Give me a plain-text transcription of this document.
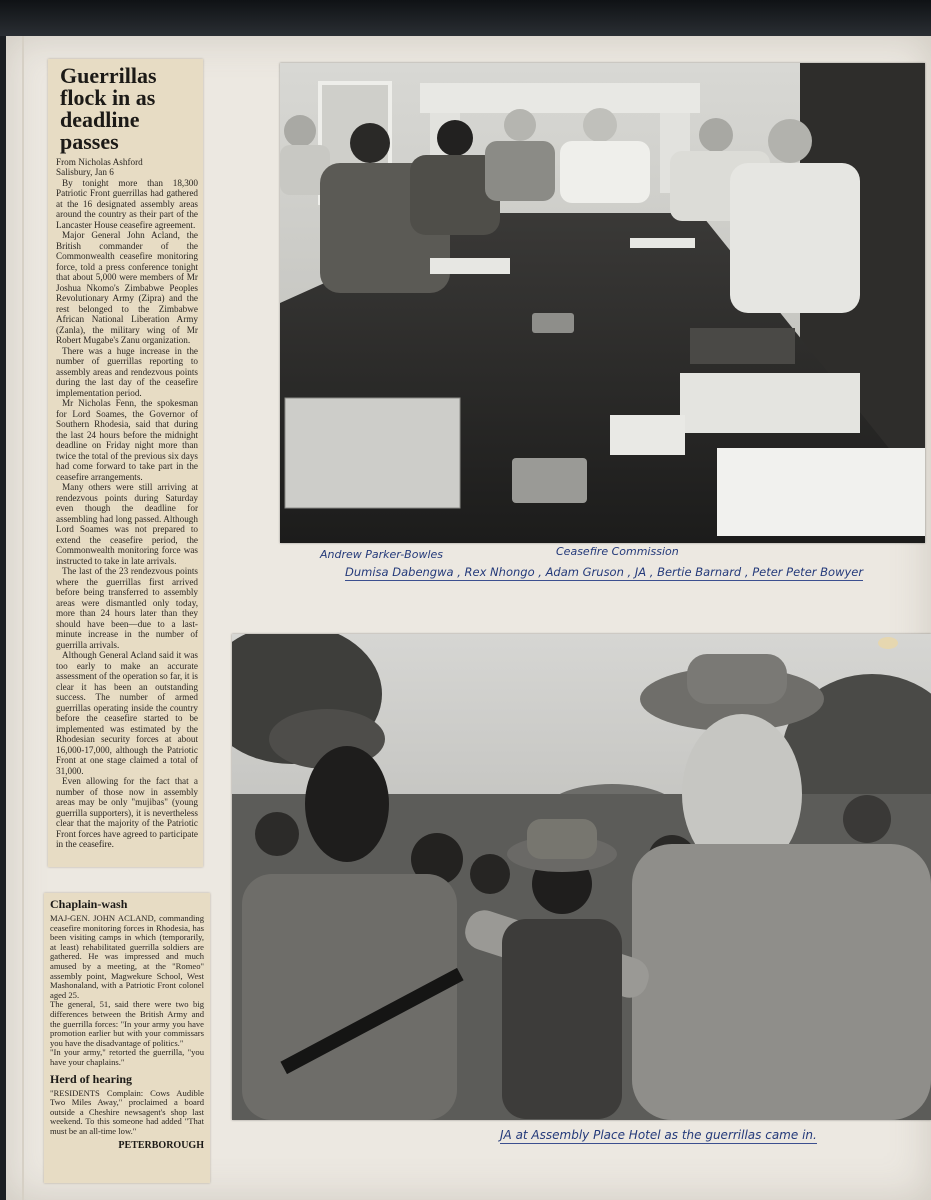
Guerrillas flock in as deadline passes
From Nicholas Ashford
Salisbury, Jan 6

By tonight more than 18,300 Patriotic Front guerrillas had gathered at the 16 designated assembly areas around the country as their part of the Lancaster House ceasefire agreement.

Major General John Acland, the British commander of the Commonwealth ceasefire monitoring force, told a press conference tonight that about 5,000 were members of Mr Joshua Nkomo's Zimbabwe Peoples Revolutionary Army (Zipra) and the rest belonged to the Zimbabwe African National Liberation Army (Zanla), the military wing of Mr Robert Mugabe's Zanu organization.

There was a huge increase in the number of guerrillas reporting to assembly areas and rendezvous points during the last day of the ceasefire implementation period.

Mr Nicholas Fenn, the spokesman for Lord Soames, the Governor of Southern Rhodesia, said that during the last 24 hours before the midnight deadline on Friday night more than twice the total of the previous six days had come forward to take part in the ceasefire arrangements.

Many others were still arriving at rendezvous points during Saturday even though the deadline for assembling had long passed. Although Lord Soames was not prepared to extend the ceasefire period, the Commonwealth monitoring force was instructed to take in late arrivals.

The last of the 23 rendezvous points where the guerrillas first arrived before being transferred to assembly areas were dismantled only today, more than 24 hours later than they should have been—due to a last-minute increase in the number of guerrilla arrivals.

Although General Acland said it was too early to make an accurate assessment of the operation so far, it is clear it has been an outstanding success. The number of armed guerrillas operating inside the country before the ceasefire started to be implemented was estimated by the Rhodesian security forces at about 16,000-17,000, although the Patriotic Front at one stage claimed a total of 31,000.

Even allowing for the fact that a number of those now in assembly areas may be only "mujibas" (young guerrilla supporters), it is nevertheless clear that the majority of the Patriotic Front forces have agreed to participate in the ceasefire.

Chaplain-wash

MAJ-GEN. JOHN ACLAND, commanding ceasefire monitoring forces in Rhodesia, has been visiting camps in which (temporarily, at least) rehabilitated guerrilla soldiers are gathered. He was impressed and much amused by a meeting, at the "Romeo" assembly point, Magwekure School, West Mashonaland, with a Patriotic Front colonel aged 25.

The general, 51, said there were two big differences between the British Army and the guerrilla forces: "In your army you have promotion earlier but with your commissars you have the disadvantage of politics."

"In your army," retorted the guerrilla, "you have your chaplains."

Herd of hearing

"RESIDENTS Complain: Cows Audible Two Miles Away," proclaimed a board outside a Cheshire newsagent's shop last weekend. To this someone had added "That must be an all-time low."

PETERBOROUGH
Andrew Parker-Bowles	Ceasefire Commission
Dumisa Dabengwa , Rex Nhongo , Adam Gruson , JA , Bertie Barnard , Peter Peter Bowyer
JA at Assembly Place Hotel as the guerrillas came in.
